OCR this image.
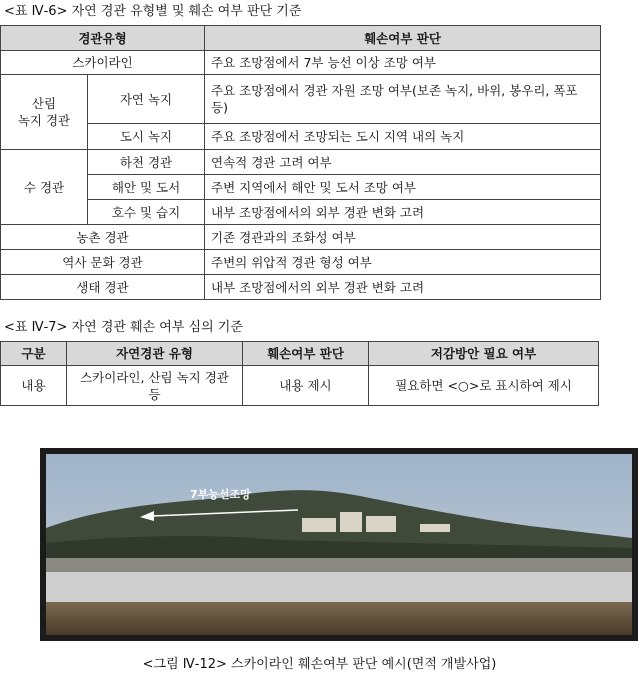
<표 Ⅳ-6> 자연 경관 유형별 및 훼손 여부 판단 기준
경관유형		훼손여부 판단
스카이라인		주요 조망점에서 7부 능선 이상 조망 여부
산림
녹지 경관	자연 녹지	주요 조망점에서 경관 자원 조망 여부(보존 녹지, 바위, 봉우리, 폭포 등)
	도시 녹지	주요 조망점에서 조망되는 도시 지역 내의 녹지
수 경관	하천 경관	연속적 경관 고려 여부
	해안 및 도서	주변 지역에서 해안 및 도서 조망 여부
	호수 및 습지	내부 조망점에서의 외부 경관 변화 고려
농촌 경관		기존 경관과의 조화성 여부
역사 문화 경관		주변의 위압적 경관 형성 여부
생태 경관		내부 조망점에서의 외부 경관 변화 고려
<표 Ⅳ-7> 자연 경관 훼손 여부 심의 기준
구분	자연경관 유형	훼손여부 판단	저감방안 필요 여부
내용	스카이라인, 산림 녹지 경관 등	내용 제시	필요하면 <○>로 표시하여 제시
7부능선조망
<그림 Ⅳ-12> 스카이라인 훼손여부 판단 예시(면적 개발사업)
